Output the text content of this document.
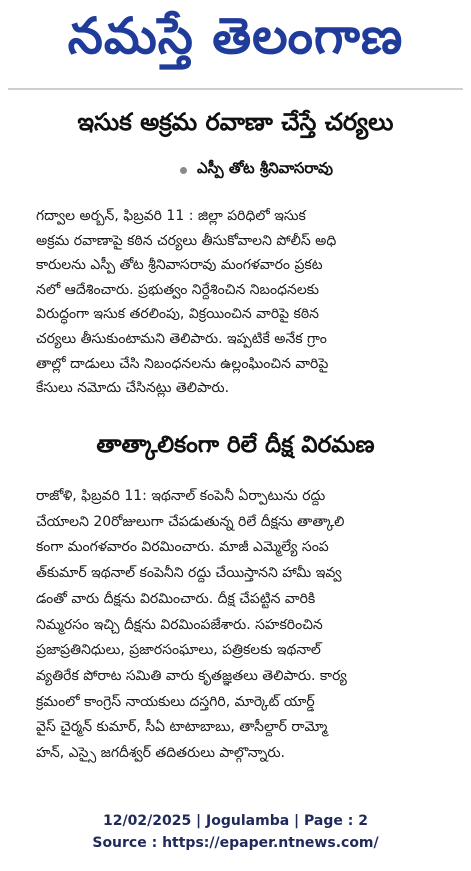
నమస్తే తెలంగాణ
ఇసుక అక్రమ రవాణా చేస్తే చర్యలు
ఎస్పీ తోట శ్రీనివాసరావు
గద్వాల అర్బన్, ఫిబ్రవరి 11 : జిల్లా పరిధిలో ఇసుక
అక్రమ రవాణాపై కఠిన చర్యలు తీసుకోవాలని పోలీస్ అధి
కారులను ఎస్పీ తోట శ్రీనివాసరావు మంగళవారం ప్రకట
నలో ఆదేశించారు. ప్రభుత్వం నిర్దేశించిన నిబంధనలకు
విరుద్ధంగా ఇసుక తరలింపు, విక్రయించిన వారిపై కఠిన
చర్యలు తీసుకుంటామని తెలిపారు. ఇప్పటికే అనేక గ్రాం
తాల్లో దాడులు చేసి నిబంధనలను ఉల్లంఘించిన వారిపై
కేసులు నమోదు చేసినట్లు తెలిపారు.
తాత్కాలికంగా రిలే దీక్ష విరమణ
రాజోళి, ఫిబ్రవరి 11: ఇథనాల్ కంపెనీ ఏర్పాటును రద్దు
చేయాలని 20రోజులుగా చేపడుతున్న రిలే దీక్షను తాత్కాలి
కంగా మంగళవారం విరమించారు. మాజీ ఎమ్మెల్యే సంప
త్‌కుమార్ ఇథనాల్ కంపెనీని రద్దు చేయిస్తానని హామీ ఇవ్వ
డంతో వారు దీక్షను విరమించారు. దీక్ష చేపట్టిన వారికి
నిమ్మరసం ఇచ్చి దీక్షను విరమింపజేశారు. సహకరించిన
ప్రజాప్రతినిధులు, ప్రజారసంఘాలు, పత్రికలకు ఇథనాల్
వ్యతిరేక పోరాట సమితి వారు కృతజ్ఞతలు తెలిపారు. కార్య
క్రమంలో కాంగ్రెస్ నాయకులు దస్తగిరి, మార్కెట్ యార్డ్
వైస్ చైర్మన్ కుమార్, సీఏ టాటాబాబు, తాసీల్దార్ రామ్మో
హన్, ఎస్సై జగదీశ్వర్ తదితరులు పాల్గొన్నారు.
12/02/2025 | Jogulamba | Page : 2
Source : https://epaper.ntnews.com/
